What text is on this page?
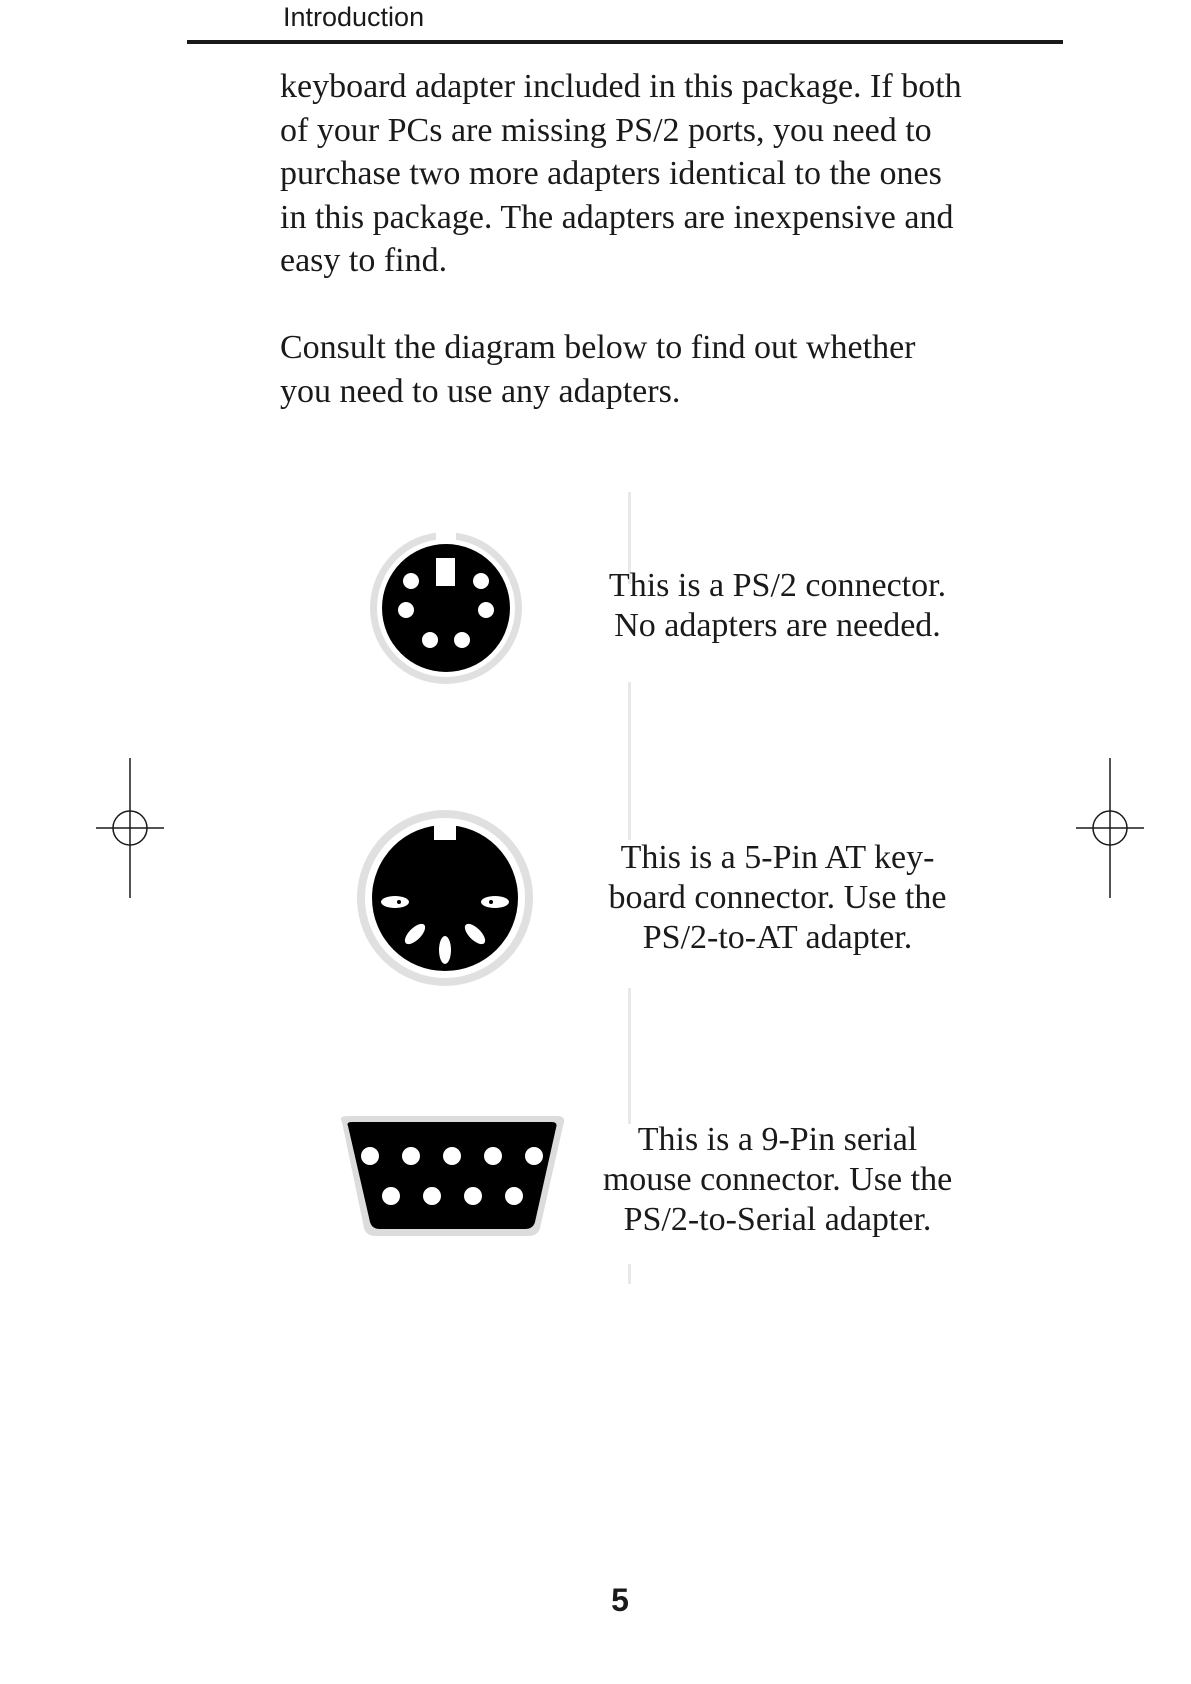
Introduction
keyboard adapter included in this package. If both
of your PCs are missing PS/2 ports, you need to
purchase two more adapters identical to the ones
in this package. The adapters are inexpensive and
easy to find.
Consult the diagram below to find out whether
you need to use any adapters.
This is a PS/2 connector.
No adapters are needed.
This is a 5-Pin AT key-
board connector. Use the
PS/2-to-AT adapter.
This is a 9-Pin serial
mouse connector. Use the
PS/2-to-Serial adapter.
5
